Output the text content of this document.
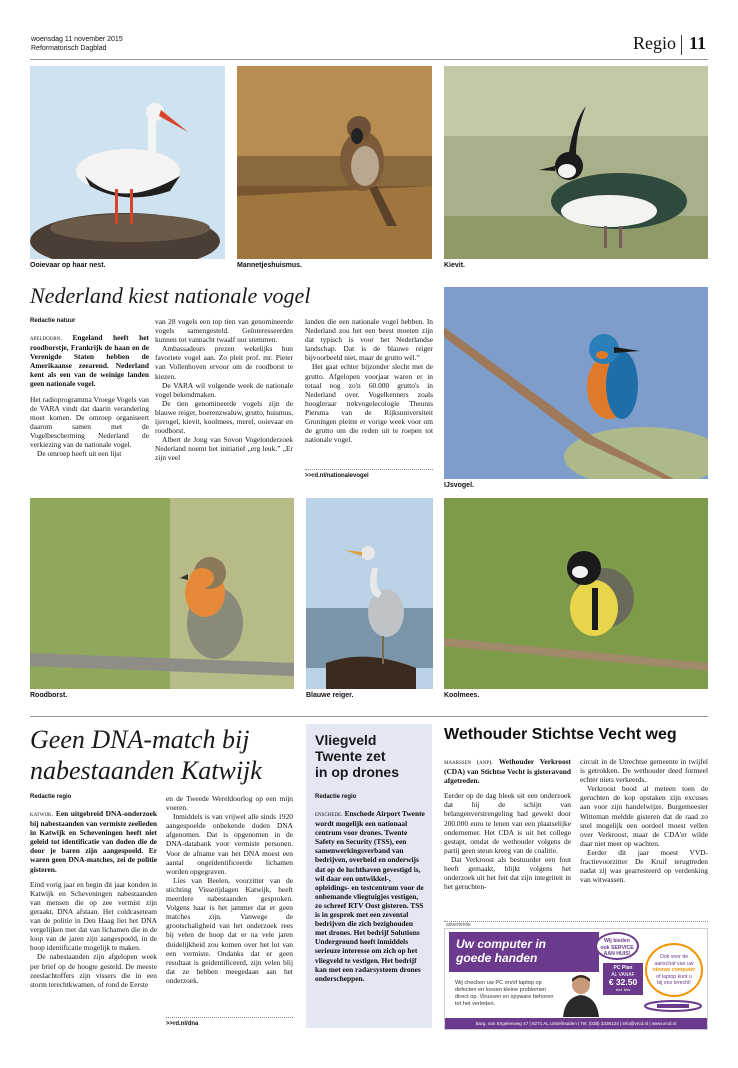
woensdag 11 november 2015
Reformatorisch Dagblad	Regio 11
Ooievaar op haar nest.	Mannetjeshuismus.	Kievit.
Nederland kiest nationale vogel
Redactie natuur

apeldoorn. Engeland heeft het roodborstje, Frankrijk de haan en de Verenigde Staten hebben de Amerikaanse zeearend. Nederland kent als een van de weinige landen geen nationale vogel.

Het radioprogramma Vroege Vogels van de VARA vindt dat daarin verandering moet komen. De omroep organiseert daarom samen met de Vogelbescherming Nederland de verkiezing van de nationale vogel.

De omroep heeft uit een lijst

van 28 vogels een top tien van genomineerde vogels samengesteld. Geïnteresseerden kunnen tot vannacht twaalf uur stemmen.

Ambassadeurs prezen wekelijks hun favoriete vogel aan. Zo pleit prof. mr. Pieter van Vollenhoven ervoor om de roodborst te kiezen.

De VARA wil volgende week de nationale vogel bekendmaken.

De tien genomineerde vogels zijn de blauwe reiger, boerenzwaluw, grutto, huismus, ijsvogel, kievit, koolmees, merel, ooievaar en roodborst.

Albert de Jong van Sovon Vogelonderzoek Nederland noemt het initiatief „erg leuk.” „Er zijn veel

landen die een nationale vogel hebben. In Nederland zou het een beest moeten zijn dat typisch is voor het Nederlandse landschap. Dat is de blauwe reiger bijvoorbeeld niet, maar de grutto wél.”

Het gaat echter bijzonder slecht met de grutto. Afgelopen voorjaar waren er in totaal nog zo'n 60.000 grutto's in Nederland over. Vogelkenners zoals hoogleraar trekvogelecologie Theunis Piersma van de Rijksuniversiteit Groningen pleitte er vorige week voor om de grutto om die reden uit te roepen tot nationale vogel.

>>rd.nl/nationalevogel
IJsvogel.
Roodborst.	Blauwe reiger.	Koolmees.
Geen DNA-match bij
nabestaanden Katwijk
Redactie regio

katwijk. Een uitgebreid DNA-onderzoek bij nabestaanden van vermiste zeelieden in Katwijk en Scheveningen heeft niet geleid tot identificatie van doden die de door je baren zijn aangespoeld. Er waren geen DNA-matches, zei de politie gisteren.

Eind vorig jaar en begin dit jaar konden in Katwijk en Scheveningen nabestaanden van mensen die op zee vermist zijn geraakt, DNA afstaan. Het coldcaseteam van de politie in Den Haag liet het DNA vergelijken met dat van lichamen die in de loop van de jaren zijn aangespoeld, in de hoop identificatie mogelijk te maken.

De nabestaanden zijn afgelopen week per brief op de hoogte gesteld. De meeste zeeslachtoffers zijn vissers die in een storm terechtkwamen, of rond de Eerste

en de Tweede Wereldoorlog op een mijn voeren.

Inmiddels is van vrijwel alle sinds 1920 aangespoelde onbekende doden DNA afgenomen. Dat is opgenomen in de DNA-databank voor vermiste personen. Voor de afname van het DNA moest een aantal ongeïdentificeerde lichamen worden opgegraven.

Lies van Beelen, voorzitter van de stichting Visserijdagen Katwijk, heeft meerdere nabestaanden gesproken. Volgens haar is het jammer dat er geen matches zijn. Vanwege de grootschaligheid van het onderzoek rees bij velen de hoop dat er na vele jaren duidelijkheid zou komen over het lot van een vermiste. Ondanks dat er geen resultaat is geidentificeerd, zijn velen blij dat ze hebben meegedaan aan het onderzoek.

>>rd.nl/dna
Vliegveld
Twente zet
in op drones
Redactie regio

enschede. Enschede Airport Twente wordt mogelijk een nationaal centrum voor drones. Twente Safety en Security (TSS), een samenwerkingsverband van bedrijven, overheid en onderwijs dat op de luchthaven gevestigd is, wil daar een ontwikkel-, opleidings- en testcentrum voor de onbemande vliegtuigjes vestigen, zo schreef RTV Oost gisteren. TSS is in gesprek met een zevental bedrijven die zich bezighouden met drones. Het bedrijf Solutions Underground heeft inmiddels serieuze interesse om zich op het vliegveld te vestigen. Het bedrijf kan met een radarsysteem drones onderscheppen.

Wethouder Stichtse Vecht weg

maarssen (anp). Wethouder Verkroost (CDA) van Stichtse Vecht is gisteravond afgetreden.

Eerder op de dag bleek uit een onderzoek dat hij de schijn van belangenverstrengeling had gewekt door 200.000 euro te lenen van een plaatselijke ondernemer. Het CDA is uit het college gestapt, omdat de wethouder volgens de partij geen steun kreeg van de coalitie.

Dat Verkroost als bestuurder een fout heeft gemaakt, blijkt volgens het onderzoek uit het feit dat zijn integriteit in het geruchten-

circuit in de Utrechtse gemeente in twijfel is getrokken. De wethouder deed formeel echter niets verkeerds.

Verkroost bood al meteen toen de geruchten de kop opstaken zijn excuses aan voor zijn handelwijze. Burgemeester Witteman meldde gisteren dat de raad zo snel mogelijk een oordeel moest vellen over Verkroost, maar de CDA'er wilde daar niet meer op wachten.

Eerder dit jaar moest VVD-fractievoorzitter De Kruif terugtreden nadat zij was gearresteerd op verdenking van witwassen.

advertentie
Uw computer in
goede handen
Wij checken uw PC en/of laptop op defecten en lossen kleine problemen direct op. Virussen en spyware behoren tot het verleden.
Wij bieden
ook SERVICE
AAN HUIS!
PC Plan
AL VANAF
€ 32.50
incl. btw
Ook voor de
aanschaf van uw
nieuwe computer
of laptop kunt u
bij ons terecht!
Burg. van Engelenweg 47 | 8271 AL IJsselmuiden | Tel: (038) 3336124 | info@vrcd.nl | www.vrcd.nl
